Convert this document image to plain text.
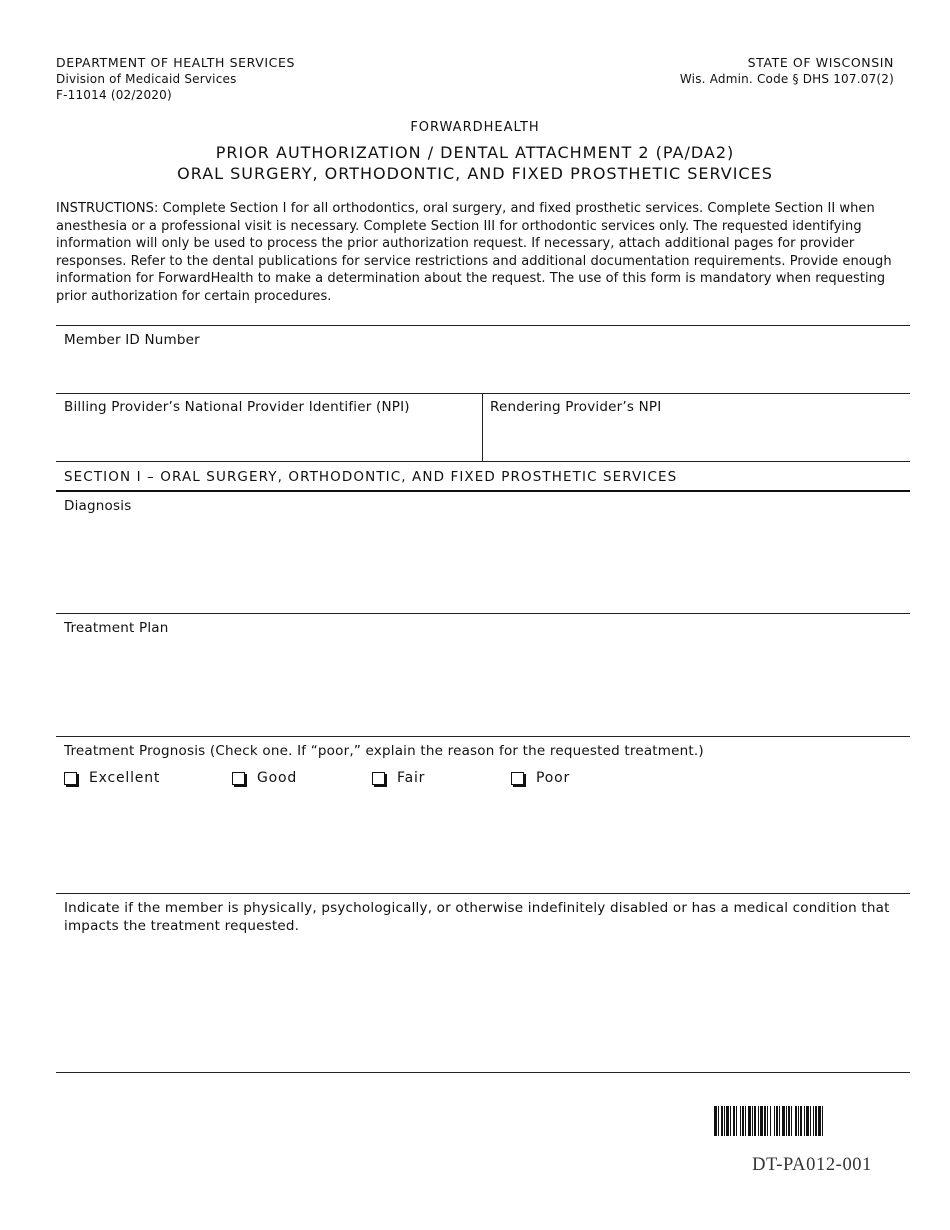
DEPARTMENT OF HEALTH SERVICES
Division of Medicaid Services
F-11014 (02/2020)
STATE OF WISCONSIN
Wis. Admin. Code § DHS 107.07(2)
FORWARDHEALTH
PRIOR AUTHORIZATION / DENTAL ATTACHMENT 2 (PA/DA2)
ORAL SURGERY, ORTHODONTIC, AND FIXED PROSTHETIC SERVICES
INSTRUCTIONS: Complete Section I for all orthodontics, oral surgery, and fixed prosthetic services. Complete Section II when anesthesia or a professional visit is necessary. Complete Section III for orthodontic services only. The requested identifying information will only be used to process the prior authorization request. If necessary, attach additional pages for provider responses. Refer to the dental publications for service restrictions and additional documentation requirements. Provide enough information for ForwardHealth to make a determination about the request. The use of this form is mandatory when requesting prior authorization for certain procedures.
Member ID Number
Billing Provider’s National Provider Identifier (NPI)	Rendering Provider’s NPI
SECTION I – ORAL SURGERY, ORTHODONTIC, AND FIXED PROSTHETIC SERVICES
Diagnosis
Treatment Plan
Treatment Prognosis (Check one. If “poor,” explain the reason for the requested treatment.)
Excellent	Good	Fair	Poor
Indicate if the member is physically, psychologically, or otherwise indefinitely disabled or has a medical condition that impacts the treatment requested.
DT-PA012-001
